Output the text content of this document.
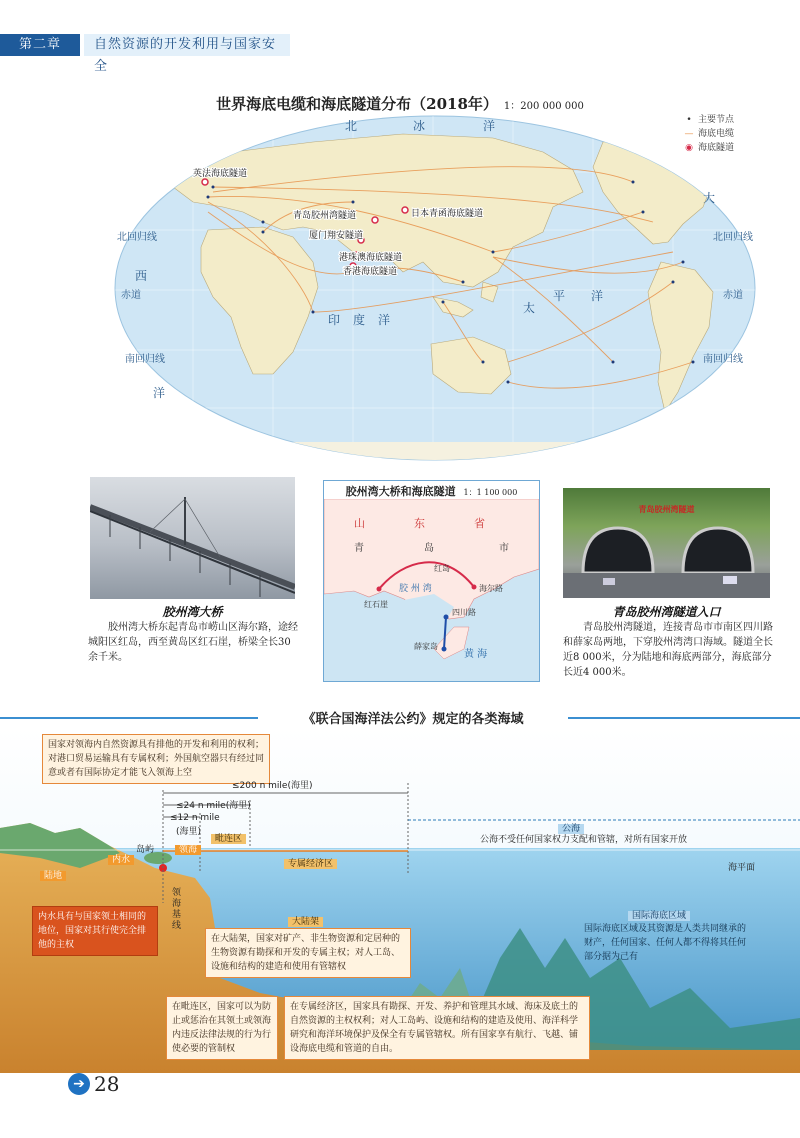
第二章	自然资源的开发利用与国家安全
世界海底电缆和海底隧道分布（2018年） 1：200 000 000
北	冰	洋
大
西
印 度 洋
太
平 洋
洋
赤道	赤道
北回归线	北回归线
南回归线	南回归线
英法海底隧道
青岛胶州湾隧道
厦门翔安隧道
日本青函海底隧道
港珠澳海底隧道
香港海底隧道
• 主要节点
— 海底电缆
◉ 海底隧道
胶州湾大桥
胶州湾大桥东起青岛市崂山区海尔路，途经城阳区红岛，西至黄岛区红石崖，桥梁全长30余千米。
胶州湾大桥和海底隧道 1：1 100 000
山	东	省
青	岛	市
红岛
海尔路
红石崖
胶 州 湾
四川路
薛家岛
黄 海
青岛胶州湾隧道
青岛胶州湾隧道入口
青岛胶州湾隧道，连接青岛市市南区四川路和薛家岛两地，下穿胶州湾湾口海域。隧道全长近8 000米，分为陆地和海底两部分，海底部分长近4 000米。
《联合国海洋法公约》规定的各类海域
国家对领海内自然资源具有排他的开发和利用的权利；对港口贸易运输具有专属权利；外国航空器只有经过同意或者有国际协定才能飞入领海上空
≤200 n mile(海里)
≤24 n mile(海里)
≤12 n mile
(海里)
毗连区
岛屿	领海
内水
陆地
专属经济区
公海
公海不受任何国家权力支配和管辖，对所有国家开放
海平面
领海
基线	大陆架
国际海底区域
内水具有与国家领土相同的地位，国家对其行使完全排他的主权
在大陆架，国家对矿产、非生物资源和定居种的生物资源有勘探和开发的专属主权；对人工岛、设施和结构的建造和使用有管辖权
国际海底区域及其资源是人类共同继承的财产，任何国家、任何人都不得将其任何部分据为己有
在毗连区，国家可以为防止或惩治在其领土或领海内违反法律法规的行为行使必要的管制权
在专属经济区，国家具有勘探、开发、养护和管理其水域、海床及底土的自然资源的主权权利；对人工岛屿、设施和结构的建造及使用、海洋科学研究和海洋环境保护及保全有专属管辖权。所有国家享有航行、飞越、铺设海底电缆和管道的自由。
➔ 28
